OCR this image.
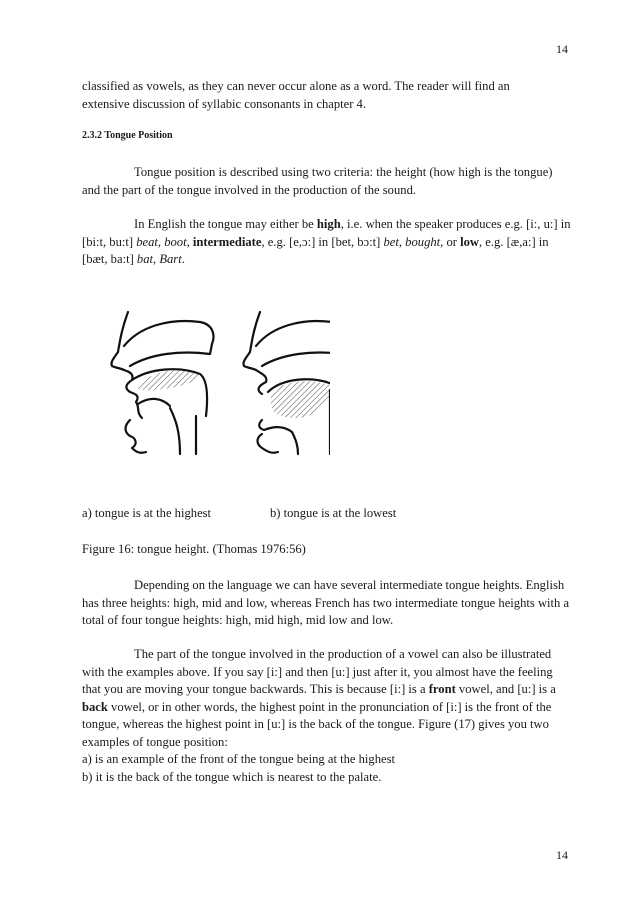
14

classified as vowels, as they can never occur alone as a word. The reader will find an

extensive discussion of syllabic consonants in chapter 4.

2.3.2 Tongue Position

Tongue position is described using two criteria: the height (how high is the tongue) and the part of the tongue involved in the production of the sound.

In English the tongue may either be high, i.e. when the speaker produces e.g. [i:, u:] in [bi:t, bu:t] beat, boot, intermediate, e.g. [e,ɔ:] in [bet, bɔ:t] bet, bought, or low, e.g. [æ,a:] in [bæt, ba:t] bat, Bart.

a) tongue is at the highest	b) tongue is at the lowest
Figure 16: tongue height. (Thomas 1976:56)

Depending on the language we can have several intermediate tongue heights. English has three heights: high, mid and low, whereas French has two intermediate tongue heights with a total of four tongue heights: high, mid high, mid low and low.

The part of the tongue involved in the production of a vowel can also be illustrated with the examples above. If you say [i:] and then [u:] just after it, you almost have the feeling that you are moving your tongue backwards. This is because [i:] is a front vowel, and [u:] is a back vowel, or in other words, the highest point in the pronunciation of [i:] is the front of the tongue, whereas the highest point in [u:] is the back of the tongue. Figure (17) gives you two examples of tongue position:

a) is an example of the front of the tongue being at the highest

b) it is the back of the tongue which is nearest to the palate.

14
